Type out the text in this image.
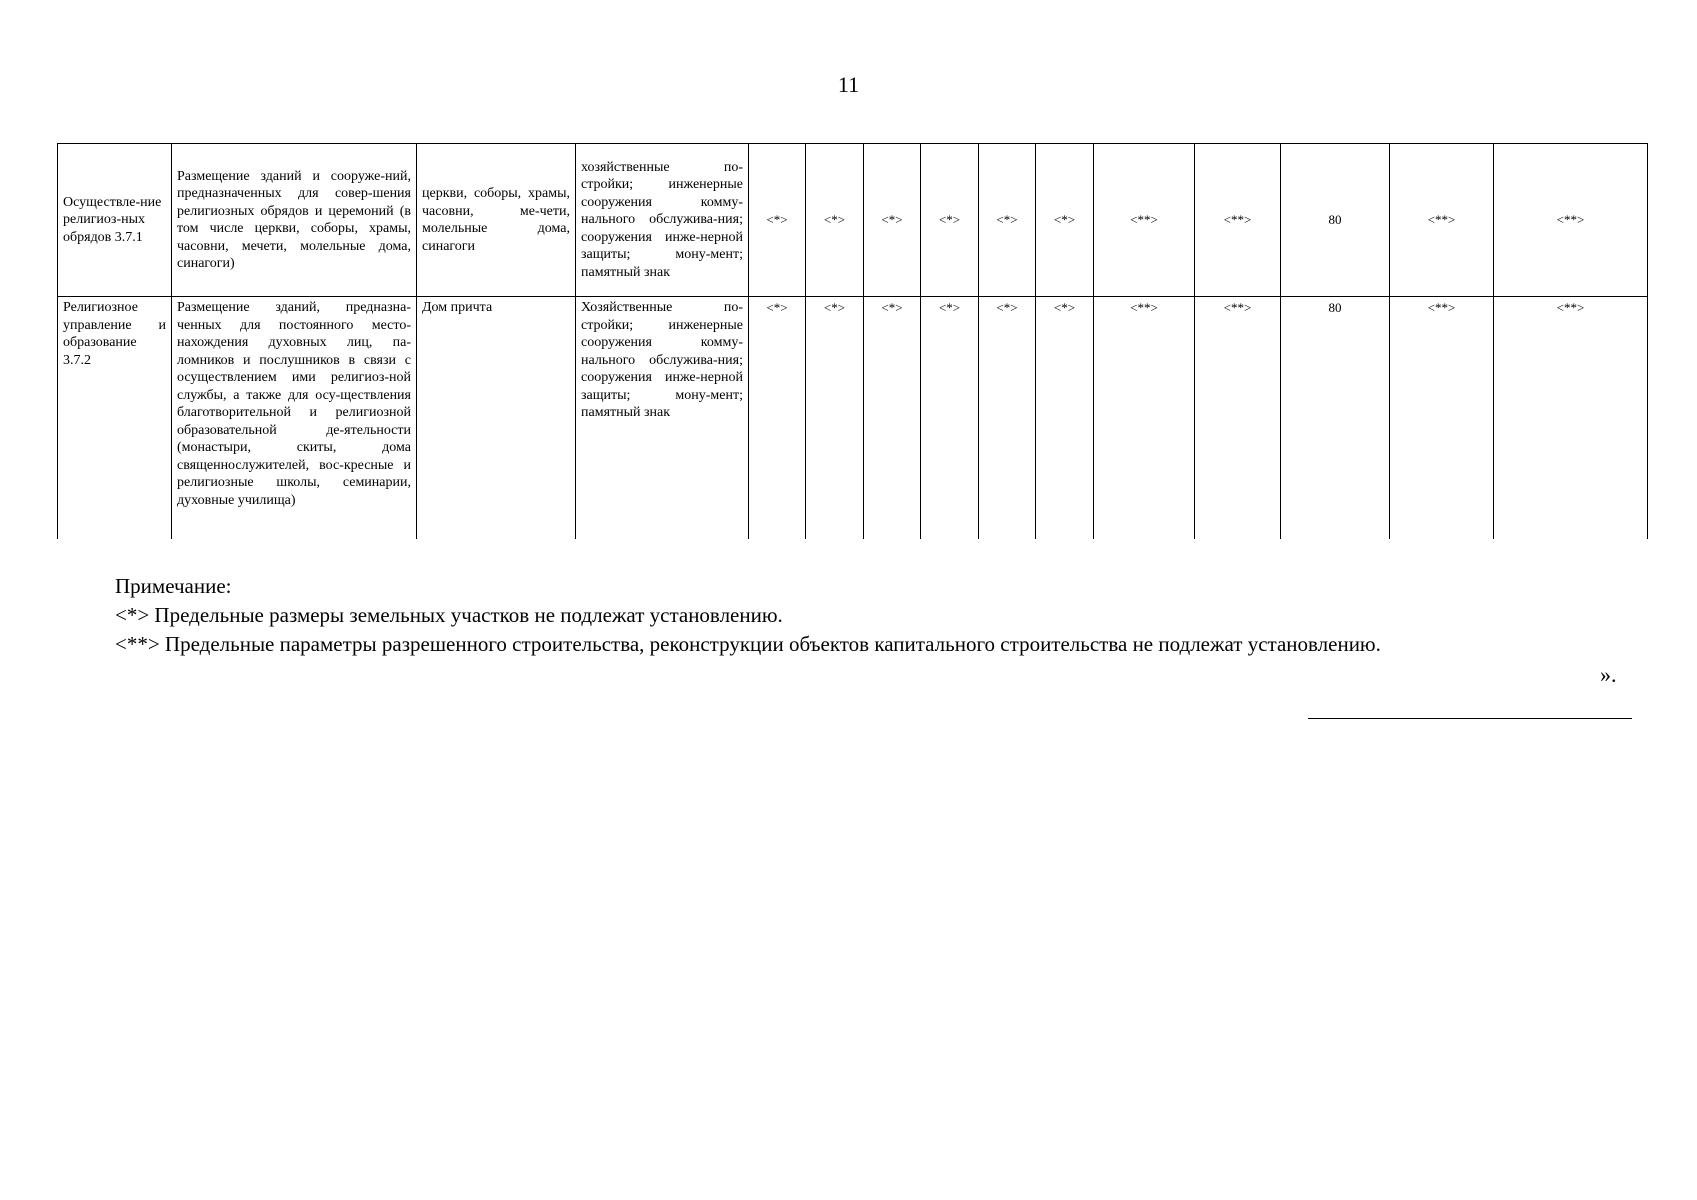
11
Осуществле-ние религиоз-ных обрядов 3.7.1	Размещение зданий и сооруже-ний, предназначенных для совер-шения религиозных обрядов и церемоний (в том числе церкви, соборы, храмы, часовни, мечети, молельные дома, синагоги)	церкви, соборы, храмы, часовни, ме-чети, молельные дома, синагоги	хозяйственные по-стройки; инженерные сооружения комму-нального обслужива-ния; сооружения инже-нерной защиты; мону-мент; памятный знак	<*>	<*>	<*>	<*>	<*>	<*>	<**>	<**>	80	<**>	<**>
Религиозное управление и образование 3.7.2	Размещение зданий, предназна-ченных для постоянного место-нахождения духовных лиц, па-ломников и послушников в связи с осуществлением ими религиоз-ной службы, а также для осу-ществления благотворительной и религиозной образовательной де-ятельности (монастыри, скиты, дома священнослужителей, вос-кресные и религиозные школы, семинарии, духовные училища)	Дом причта	Хозяйственные по-стройки; инженерные сооружения комму-нального обслужива-ния; сооружения инже-нерной защиты; мону-мент; памятный знак	<*>	<*>	<*>	<*>	<*>	<*>	<**>	<**>	80	<**>	<**>

Примечание:

<*> Предельные размеры земельных участков не подлежат установлению.

<**> Предельные параметры разрешенного строительства, реконструкции объектов капитального строительства не подлежат установлению.

».
